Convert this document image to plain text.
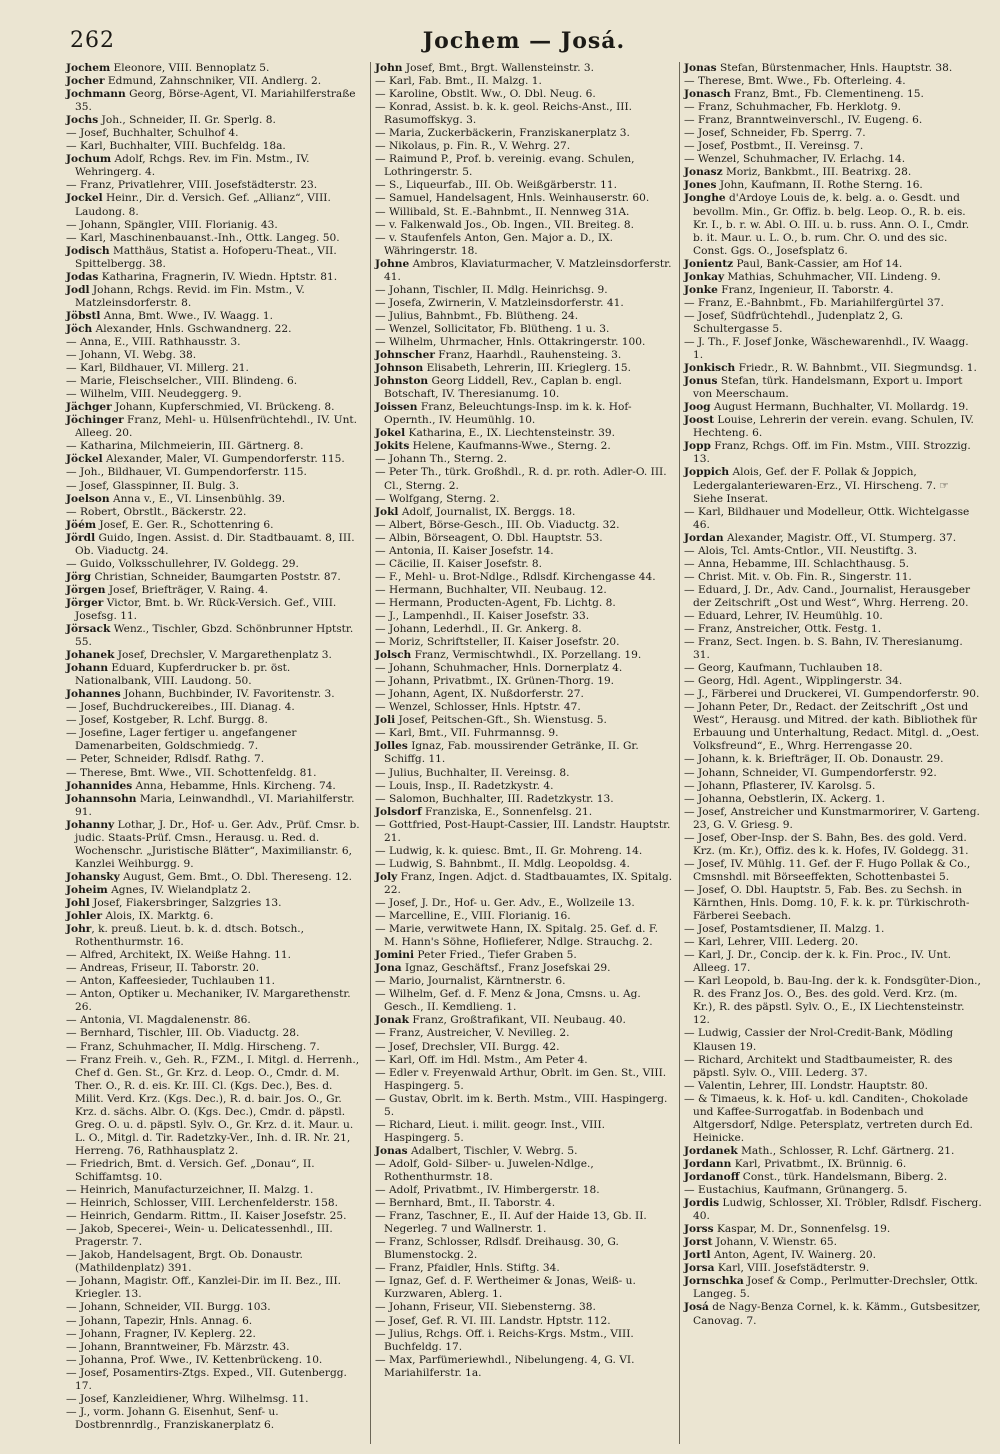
262	Jochem — Josá.

Jochem Eleonore, VIII. Bennoplatz 5.

Jocher Edmund, Zahnschniker, VII. Andlerg. 2.

Jochmann Georg, Börse-Agent, VI. Mariahilferstraße 35.

Jochs Joh., Schneider, II. Gr. Sperlg. 8.

— Josef, Buchhalter, Schulhof 4.

— Karl, Buchhalter, VIII. Buchfeldg. 18a.

Jochum Adolf, Rchgs. Rev. im Fin. Mstm., IV. Wehringerg. 4.

— Franz, Privatlehrer, VIII. Josefstädterstr. 23.

Jockel Heinr., Dir. d. Versich. Gef. „Allianz“, VIII. Laudong. 8.

— Johann, Spängler, VIII. Florianig. 43.

— Karl, Maschinenbauanst.-Inh., Ottk. Langeg. 50.

Jodisch Matthäus, Statist a. Hofoperu-Theat., VII. Spittelbergg. 38.

Jodas Katharina, Fragnerin, IV. Wiedn. Hptstr. 81.

Jodl Johann, Rchgs. Revid. im Fin. Mstm., V. Matzleinsdorferstr. 8.

Jöbstl Anna, Bmt. Wwe., IV. Waagg. 1.

Jöch Alexander, Hnls. Gschwandnerg. 22.

— Anna, E., VIII. Rathhausstr. 3.

— Johann, VI. Webg. 38.

— Karl, Bildhauer, VI. Millerg. 21.

— Marie, Fleischselcher., VIII. Blindeng. 6.

— Wilhelm, VIII. Neudeggerg. 9.

Jächger Johann, Kupferschmied, VI. Brückeng. 8.

Jöchinger Franz, Mehl- u. Hülsenfrüchtehdl., IV. Unt. Alleeg. 20.

— Katharina, Milchmeierin, III. Gärtnerg. 8.

Jöckel Alexander, Maler, VI. Gumpendorferstr. 115.

— Joh., Bildhauer, VI. Gumpendorferstr. 115.

— Josef, Glasspinner, II. Bulg. 3.

Joelson Anna v., E., VI. Linsenbühlg. 39.

— Robert, Obrstlt., Bäckerstr. 22.

Jöém Josef, E. Ger. R., Schottenring 6.

Jördl Guido, Ingen. Assist. d. Dir. Stadtbauamt. 8, III. Ob. Viaductg. 24.

— Guido, Volksschullehrer, IV. Goldegg. 29.

Jörg Christian, Schneider, Baumgarten Poststr. 87.

Jörgen Josef, Briefträger, V. Raing. 4.

Jörger Victor, Bmt. b. Wr. Rück-Versich. Gef., VIII. Josefsg. 11.

Jörsack Wenz., Tischler, Gbzd. Schönbrunner Hptstr. 55.

Johanek Josef, Drechsler, V. Margarethenplatz 3.

Johann Eduard, Kupferdrucker b. pr. öst. Nationalbank, VIII. Laudong. 50.

Johannes Johann, Buchbinder, IV. Favoritenstr. 3.

— Josef, Buchdruckereibes., III. Dianag. 4.

— Josef, Kostgeber, R. Lchf. Burgg. 8.

— Josefine, Lager fertiger u. angefangener Damenarbeiten, Goldschmiedg. 7.

— Peter, Schneider, Rdlsdf. Rathg. 7.

— Therese, Bmt. Wwe., VII. Schottenfeldg. 81.

Johannides Anna, Hebamme, Hnls. Kircheng. 74.

Johannsohn Maria, Leinwandhdl., VI. Mariahilferstr. 91.

Johanny Lothar, J. Dr., Hof- u. Ger. Adv., Prüf. Cmsr. b. judic. Staats-Prüf. Cmsn., Herausg. u. Red. d. Wochenschr. „Juristische Blätter“, Maximilianstr. 6, Kanzlei Weihburgg. 9.

Johansky August, Gem. Bmt., O. Dbl. Thereseng. 12.

Joheim Agnes, IV. Wielandplatz 2.

Johl Josef, Fiakersbringer, Salzgries 13.

Johler Alois, IX. Marktg. 6.

Johr, k. preuß. Lieut. b. k. d. dtsch. Botsch., Rothenthurmstr. 16.

— Alfred, Architekt, IX. Weiße Hahng. 11.

— Andreas, Friseur, II. Taborstr. 20.

— Anton, Kaffeesieder, Tuchlauben 11.

— Anton, Optiker u. Mechaniker, IV. Margarethenstr. 26.

— Antonia, VI. Magdalenenstr. 86.

— Bernhard, Tischler, III. Ob. Viaductg. 28.

— Franz, Schuhmacher, II. Mdlg. Hirscheng. 7.

— Franz Freih. v., Geh. R., FZM., I. Mitgl. d. Herrenh., Chef d. Gen. St., Gr. Krz. d. Leop. O., Cmdr. d. M. Ther. O., R. d. eis. Kr. III. Cl. (Kgs. Dec.), Bes. d. Milit. Verd. Krz. (Kgs. Dec.), R. d. bair. Jos. O., Gr. Krz. d. sächs. Albr. O. (Kgs. Dec.), Cmdr. d. päpstl. Greg. O. u. d. päpstl. Sylv. O., Gr. Krz. d. it. Maur. u. L. O., Mitgl. d. Tir. Radetzky-Ver., Inh. d. IR. Nr. 21, Herreng. 76, Rathhausplatz 2.

— Friedrich, Bmt. d. Versich. Gef. „Donau“, II. Schiffamtsg. 10.

— Heinrich, Manufacturzeichner, II. Malzg. 1.

— Heinrich, Schlosser, VIII. Lerchenfelderstr. 158.

— Heinrich, Gendarm. Rittm., II. Kaiser Josefstr. 25.

— Jakob, Specerei-, Wein- u. Delicatessenhdl., III. Pragerstr. 7.

— Jakob, Handelsagent, Brgt. Ob. Donaustr. (Mathildenplatz) 391.

— Johann, Magistr. Off., Kanzlei-Dir. im II. Bez., III. Kriegler. 13.

— Johann, Schneider, VII. Burgg. 103.

— Johann, Tapezir, Hnls. Annag. 6.

— Johann, Fragner, IV. Keplerg. 22.

— Johann, Branntweiner, Fb. Märzstr. 43.

— Johanna, Prof. Wwe., IV. Kettenbrückeng. 10.

— Josef, Posamentirs-Ztgs. Exped., VII. Gutenbergg. 17.

— Josef, Kanzleidiener, Whrg. Wilhelmsg. 11.

— J., vorm. Johann G. Eisenhut, Senf- u. Dostbrennrdlg., Franziskanerplatz 6.

John Josef, Bmt., Brgt. Wallensteinstr. 3.

— Karl, Fab. Bmt., II. Malzg. 1.

— Karoline, Obstlt. Ww., O. Dbl. Neug. 6.

— Konrad, Assist. b. k. k. geol. Reichs-Anst., III. Rasumoffskyg. 3.

— Maria, Zuckerbäckerin, Franziskanerplatz 3.

— Nikolaus, p. Fin. R., V. Wehrg. 27.

— Raimund P., Prof. b. vereinig. evang. Schulen, Lothringerstr. 5.

— S., Liqueurfab., III. Ob. Weißgärberstr. 11.

— Samuel, Handelsagent, Hnls. Weinhauserstr. 60.

— Willibald, St. E.-Bahnbmt., II. Nennweg 31A.

— v. Falkenwald Jos., Ob. Ingen., VII. Breiteg. 8.

— v. Staufenfels Anton, Gen. Major a. D., IX. Währingerstr. 18.

Johne Ambros, Klaviaturmacher, V. Matzleinsdorferstr. 41.

— Johann, Tischler, II. Mdlg. Heinrichsg. 9.

— Josefa, Zwirnerin, V. Matzleinsdorferstr. 41.

— Julius, Bahnbmt., Fb. Blütheng. 24.

— Wenzel, Sollicitator, Fb. Blütheng. 1 u. 3.

— Wilhelm, Uhrmacher, Hnls. Ottakringerstr. 100.

Johnscher Franz, Haarhdl., Rauhensteing. 3.

Johnson Elisabeth, Lehrerin, III. Krieglerg. 15.

Johnston Georg Liddell, Rev., Caplan b. engl. Botschaft, IV. Theresianumg. 10.

Joissen Franz, Beleuchtungs-Insp. im k. k. Hof-Opernth., IV. Heumühlg. 10.

Jokel Katharina, E., IX. Liechtensteinstr. 39.

Jokits Helene, Kaufmanns-Wwe., Sterng. 2.

— Johann Th., Sterng. 2.

— Peter Th., türk. Großhdl., R. d. pr. roth. Adler-O. III. Cl., Sterng. 2.

— Wolfgang, Sterng. 2.

Jokl Adolf, Journalist, IX. Berggs. 18.

— Albert, Börse-Gesch., III. Ob. Viaductg. 32.

— Albin, Börseagent, O. Dbl. Hauptstr. 53.

— Antonia, II. Kaiser Josefstr. 14.

— Cäcilie, II. Kaiser Josefstr. 8.

— F., Mehl- u. Brot-Ndlge., Rdlsdf. Kirchengasse 44.

— Hermann, Buchhalter, VII. Neubaug. 12.

— Hermann, Producten-Agent, Fb. Lichtg. 8.

— J., Lampenhdl., II. Kaiser Josefstr. 33.

— Johann, Lederhdl., II. Gr. Ankerg. 8.

— Moriz, Schriftsteller, II. Kaiser Josefstr. 20.

Jolsch Franz, Vermischtwhdl., IX. Porzellang. 19.

— Johann, Schuhmacher, Hnls. Dornerplatz 4.

— Johann, Privatbmt., IX. Grünen-Thorg. 19.

— Johann, Agent, IX. Nußdorferstr. 27.

— Wenzel, Schlosser, Hnls. Hptstr. 47.

Joli Josef, Peitschen-Gft., Sh. Wienstusg. 5.

— Karl, Bmt., VII. Fuhrmannsg. 9.

Jolles Ignaz, Fab. moussirender Getränke, II. Gr. Schiffg. 11.

— Julius, Buchhalter, II. Vereinsg. 8.

— Louis, Insp., II. Radetzkystr. 4.

— Salomon, Buchhalter, III. Radetzkystr. 13.

Jolsdorf Franziska, E., Sonnenfelsg. 21.

— Gottfried, Post-Haupt-Cassier, III. Landstr. Hauptstr. 21.

— Ludwig, k. k. quiesc. Bmt., II. Gr. Mohreng. 14.

— Ludwig, S. Bahnbmt., II. Mdlg. Leopoldsg. 4.

Joly Franz, Ingen. Adjct. d. Stadtbauamtes, IX. Spitalg. 22.

— Josef, J. Dr., Hof- u. Ger. Adv., E., Wollzeile 13.

— Marcelline, E., VIII. Florianig. 16.

— Marie, verwitwete Hann, IX. Spitalg. 25. Gef. d. F. M. Hann's Söhne, Hoflieferer, Ndlge. Strauchg. 2.

Jomini Peter Fried., Tiefer Graben 5.

Jona Ignaz, Geschäftsf., Franz Josefskai 29.

— Mario, Journalist, Kärntnerstr. 6.

— Wilhelm, Gef. d. F. Menz & Jona, Cmsns. u. Ag. Gesch., II. Kemdlieng. 1.

Jonak Franz, Großtrafikant, VII. Neubaug. 40.

— Franz, Austreicher, V. Nevilleg. 2.

— Josef, Drechsler, VII. Burgg. 42.

— Karl, Off. im Hdl. Mstm., Am Peter 4.

— Edler v. Freyenwald Arthur, Obrlt. im Gen. St., VIII. Haspingerg. 5.

— Gustav, Obrlt. im k. Berth. Mstm., VIII. Haspingerg. 5.

— Richard, Lieut. i. milit. geogr. Inst., VIII. Haspingerg. 5.

Jonas Adalbert, Tischler, V. Webrg. 5.

— Adolf, Gold- Silber- u. Juwelen-Ndlge., Rothenthurmstr. 18.

— Adolf, Privatbmt., IV. Himbergerstr. 18.

— Bernhard, Bmt., II. Taborstr. 4.

— Franz, Taschner, E., II. Auf der Haide 13, Gb. II. Negerleg. 7 und Wallnerstr. 1.

— Franz, Schlosser, Rdlsdf. Dreihausg. 30, G. Blumenstockg. 2.

— Franz, Pfaidler, Hnls. Stiftg. 34.

— Ignaz, Gef. d. F. Wertheimer & Jonas, Weiß- u. Kurzwaren, Ablerg. 1.

— Johann, Friseur, VII. Siebensterng. 38.

— Josef, Gef. R. VI. III. Landstr. Hptstr. 112.

— Julius, Rchgs. Off. i. Reichs-Krgs. Mstm., VIII. Buchfeldg. 17.

— Max, Parfümeriewhdl., Nibelungeng. 4, G. VI. Mariahilferstr. 1a.

Jonas Stefan, Bürstenmacher, Hnls. Hauptstr. 38.

— Therese, Bmt. Wwe., Fb. Ofterleing. 4.

Jonasch Franz, Bmt., Fb. Clementineng. 15.

— Franz, Schuhmacher, Fb. Herklotg. 9.

— Franz, Branntweinverschl., IV. Eugeng. 6.

— Josef, Schneider, Fb. Sperrg. 7.

— Josef, Postbmt., II. Vereinsg. 7.

— Wenzel, Schuhmacher, IV. Erlachg. 14.

Jonasz Moriz, Bankbmt., III. Beatrixg. 28.

Jones John, Kaufmann, II. Rothe Sterng. 16.

Jonghe d'Ardoye Louis de, k. belg. a. o. Gesdt. und bevollm. Min., Gr. Offiz. b. belg. Leop. O., R. b. eis. Kr. I., b. r. w. Abl. O. III. u. b. russ. Ann. O. I., Cmdr. b. it. Maur. u. L. O., b. rum. Chr. O. und des sic. Const. Ggs. O., Josefsplatz 6.

Jonientz Paul, Bank-Cassier, am Hof 14.

Jonkay Mathias, Schuhmacher, VII. Lindeng. 9.

Jonke Franz, Ingenieur, II. Taborstr. 4.

— Franz, E.-Bahnbmt., Fb. Mariahilfergürtel 37.

— Josef, Südfrüchtehdl., Judenplatz 2, G. Schultergasse 5.

— J. Th., F. Josef Jonke, Wäschewarenhdl., IV. Waagg. 1.

Jonkisch Friedr., R. W. Bahnbmt., VII. Siegmundsg. 1.

Jonus Stefan, türk. Handelsmann, Export u. Import von Meerschaum.

Joog August Hermann, Buchhalter, VI. Mollardg. 19.

Joost Louise, Lehrerin der verein. evang. Schulen, IV. Hechteng. 6.

Jopp Franz, Rchgs. Off. im Fin. Mstm., VIII. Strozzig. 13.

Joppich Alois, Gef. der F. Pollak & Joppich, Ledergalanteriewaren-Erz., VI. Hirscheng. 7. ☞ Siehe Inserat.

— Karl, Bildhauer und Modelleur, Ottk. Wichtelgasse 46.

Jordan Alexander, Magistr. Off., VI. Stumperg. 37.

— Alois, Tcl. Amts-Cntlor., VII. Neustiftg. 3.

— Anna, Hebamme, III. Schlachthausg. 5.

— Christ. Mit. v. Ob. Fin. R., Singerstr. 11.

— Eduard, J. Dr., Adv. Cand., Journalist, Herausgeber der Zeitschrift „Ost und West“, Whrg. Herreng. 20.

— Eduard, Lehrer, IV. Heumühlg. 10.

— Franz, Anstreicher, Ottk. Festg. 1.

— Franz, Sect. Ingen. b. S. Bahn, IV. Theresianumg. 31.

— Georg, Kaufmann, Tuchlauben 18.

— Georg, Hdl. Agent., Wipplingerstr. 34.

— J., Färberei und Druckerei, VI. Gumpendorferstr. 90.

— Johann Peter, Dr., Redact. der Zeitschrift „Ost und West“, Herausg. und Mitred. der kath. Bibliothek für Erbauung und Unterhaltung, Redact. Mitgl. d. „Oest. Volksfreund“, E., Whrg. Herrengasse 20.

— Johann, k. k. Briefträger, II. Ob. Donaustr. 29.

— Johann, Schneider, VI. Gumpendorferstr. 92.

— Johann, Pflasterer, IV. Karolsg. 5.

— Johanna, Oebstlerin, IX. Ackerg. 1.

— Josef, Anstreicher und Kunstmarmorirer, V. Garteng. 23, G. V. Griesg. 9.

— Josef, Ober-Insp. der S. Bahn, Bes. des gold. Verd. Krz. (m. Kr.), Offiz. des k. k. Hofes, IV. Goldegg. 31.

— Josef, IV. Mühlg. 11. Gef. der F. Hugo Pollak & Co., Cmsnshdl. mit Börseeffekten, Schottenbastei 5.

— Josef, O. Dbl. Hauptstr. 5, Fab. Bes. zu Sechsh. in Kärnthen, Hnls. Domg. 10, F. k. k. pr. Türkischroth-Färberei Seebach.

— Josef, Postamtsdiener, II. Malzg. 1.

— Karl, Lehrer, VIII. Lederg. 20.

— Karl, J. Dr., Concip. der k. k. Fin. Proc., IV. Unt. Alleeg. 17.

— Karl Leopold, b. Bau-Ing. der k. k. Fondsgüter-Dion., R. des Franz Jos. O., Bes. des gold. Verd. Krz. (m. Kr.), R. des päpstl. Sylv. O., E., IX Liechtensteinstr. 12.

— Ludwig, Cassier der Nrol-Credit-Bank, Mödling Klausen 19.

— Richard, Architekt und Stadtbaumeister, R. des päpstl. Sylv. O., VIII. Lederg. 37.

— Valentin, Lehrer, III. Londstr. Hauptstr. 80.

— & Timaeus, k. k. Hof- u. kdl. Canditen-, Chokolade und Kaffee-Surrogatfab. in Bodenbach und Altgersdorf, Ndlge. Petersplatz, vertreten durch Ed. Heinicke.

Jordanek Math., Schlosser, R. Lchf. Gärtnerg. 21.

Jordann Karl, Privatbmt., IX. Brünnig. 6.

Jordanoff Const., türk. Handelsmann, Biberg. 2.

— Eustachius, Kaufmann, Grünangerg. 5.

Jordis Ludwig, Schlosser, XI. Tröbler, Rdlsdf. Fischerg. 40.

Jorss Kaspar, M. Dr., Sonnenfelsg. 19.

Jorst Johann, V. Wienstr. 65.

Jortl Anton, Agent, IV. Wainerg. 20.

Jorsa Karl, VIII. Josefstädterstr. 9.

Jornschka Josef & Comp., Perlmutter-Drechsler, Ottk. Langeg. 5.

Josá de Nagy-Benza Cornel, k. k. Kämm., Gutsbesitzer, Canovag. 7.
